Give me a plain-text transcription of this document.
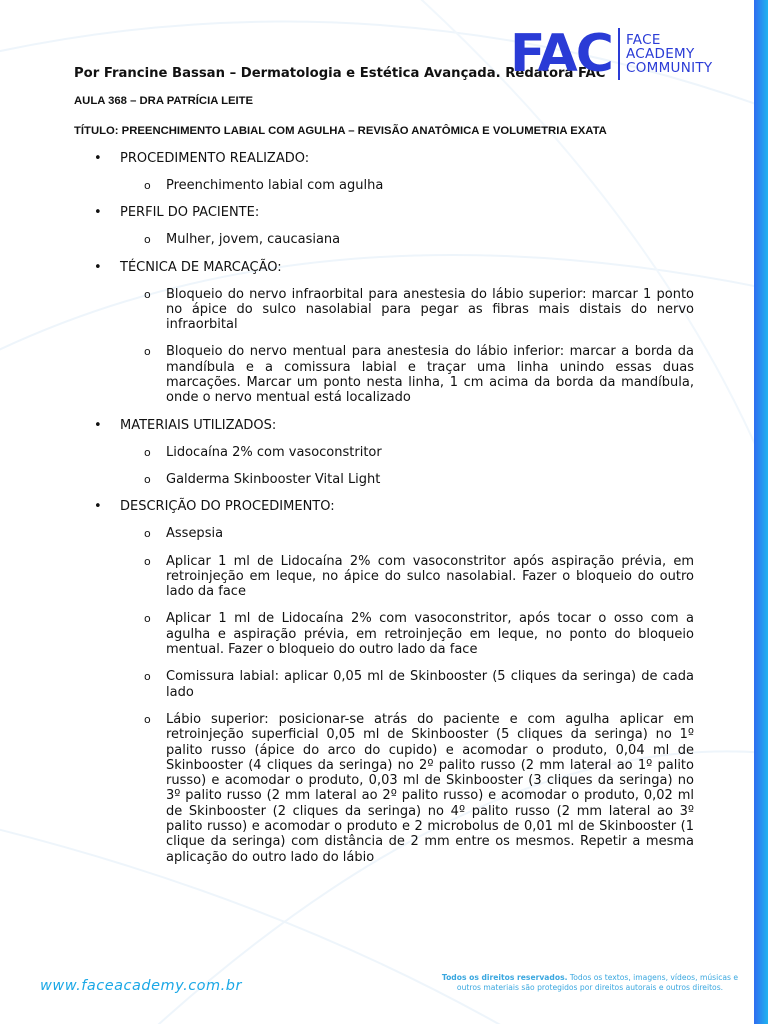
FAC FACE
ACADEMY
COMMUNITY

Por Francine Bassan – Dermatologia e Estética Avançada. Redatora FAC

AULA 368 – DRA PATRÍCIA LEITE

TÍTULO: PREENCHIMENTO LABIAL COM AGULHA – REVISÃO ANATÔMICA E VOLUMETRIA EXATA

• PROCEDIMENTO REALIZADO:
o Preenchimento labial com agulha
• PERFIL DO PACIENTE:
o Mulher, jovem, caucasiana
• TÉCNICA DE MARCAÇÃO:
o Bloqueio do nervo infraorbital para anestesia do lábio superior: marcar 1 ponto no ápice do sulco nasolabial para pegar as fibras mais distais do nervo infraorbital
o Bloqueio do nervo mentual para anestesia do lábio inferior: marcar a borda da mandíbula e a comissura labial e traçar uma linha unindo essas duas marcações. Marcar um ponto nesta linha, 1 cm acima da borda da mandíbula, onde o nervo mentual está localizado
• MATERIAIS UTILIZADOS:
o Lidocaína 2% com vasoconstritor
o Galderma Skinbooster Vital Light
• DESCRIÇÃO DO PROCEDIMENTO:
o Assepsia
o Aplicar 1 ml de Lidocaína 2% com vasoconstritor após aspiração prévia, em retroinjeção em leque, no ápice do sulco nasolabial. Fazer o bloqueio do outro lado da face
o Aplicar 1 ml de Lidocaína 2% com vasoconstritor, após tocar o osso com a agulha e aspiração prévia, em retroinjeção em leque, no ponto do bloqueio mentual. Fazer o bloqueio do outro lado da face
o Comissura labial: aplicar 0,05 ml de Skinbooster (5 cliques da seringa) de cada lado
o Lábio superior: posicionar-se atrás do paciente e com agulha aplicar em retroinjeção superficial 0,05 ml de Skinbooster (5 cliques da seringa) no 1º palito russo (ápice do arco do cupido) e acomodar o produto, 0,04 ml de Skinbooster (4 cliques da seringa) no 2º palito russo (2 mm lateral ao 1º palito russo) e acomodar o produto, 0,03 ml de Skinbooster (3 cliques da seringa) no 3º palito russo (2 mm lateral ao 2º palito russo) e acomodar o produto, 0,02 ml de Skinbooster (2 cliques da seringa) no 4º palito russo (2 mm lateral ao 3º palito russo) e acomodar o produto e 2 microbolus de 0,01 ml de Skinbooster (1 clique da seringa) com distância de 2 mm entre os mesmos. Repetir a mesma aplicação do outro lado do lábio
www.faceacademy.com.br
Todos os direitos reservados. Todos os textos, imagens, vídeos, músicas e outros materiais são protegidos por direitos autorais e outros direitos.
